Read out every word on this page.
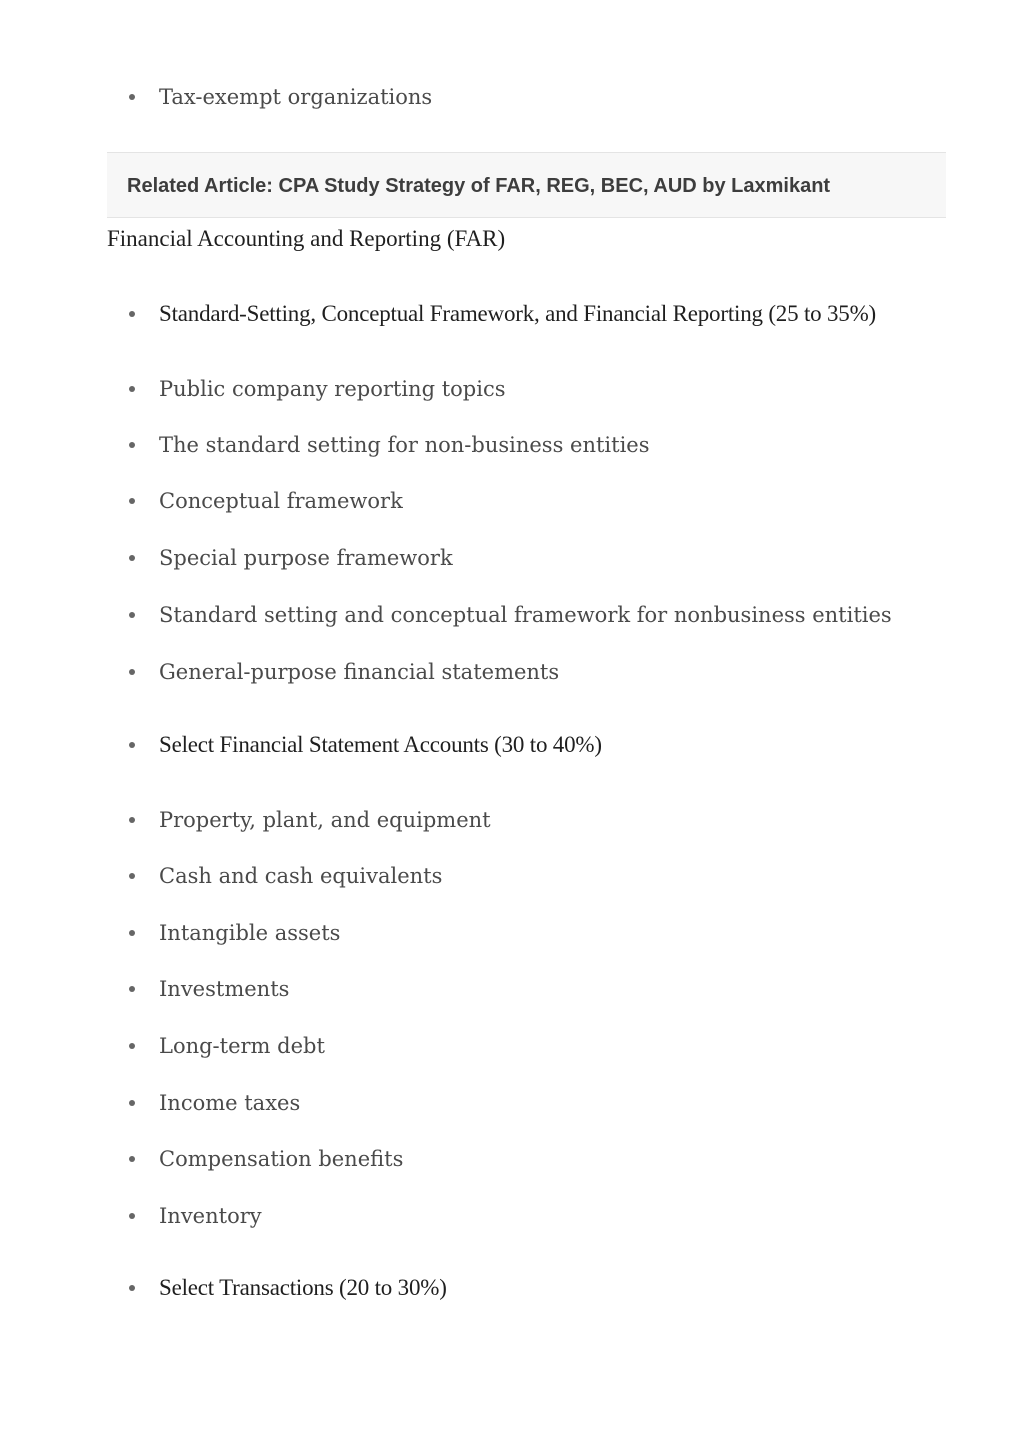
Tax-exempt organizations
Related Article: CPA Study Strategy of FAR, REG, BEC, AUD by Laxmikant

Financial Accounting and Reporting (FAR)

Standard-Setting, Conceptual Framework, and Financial Reporting (25 to 35%)
Public company reporting topics
The standard setting for non-business entities
Conceptual framework
Special purpose framework
Standard setting and conceptual framework for nonbusiness entities
General-purpose financial statements
Select Financial Statement Accounts (30 to 40%)
Property, plant, and equipment
Cash and cash equivalents
Intangible assets
Investments
Long-term debt
Income taxes
Compensation benefits
Inventory
Select Transactions (20 to 30%)
